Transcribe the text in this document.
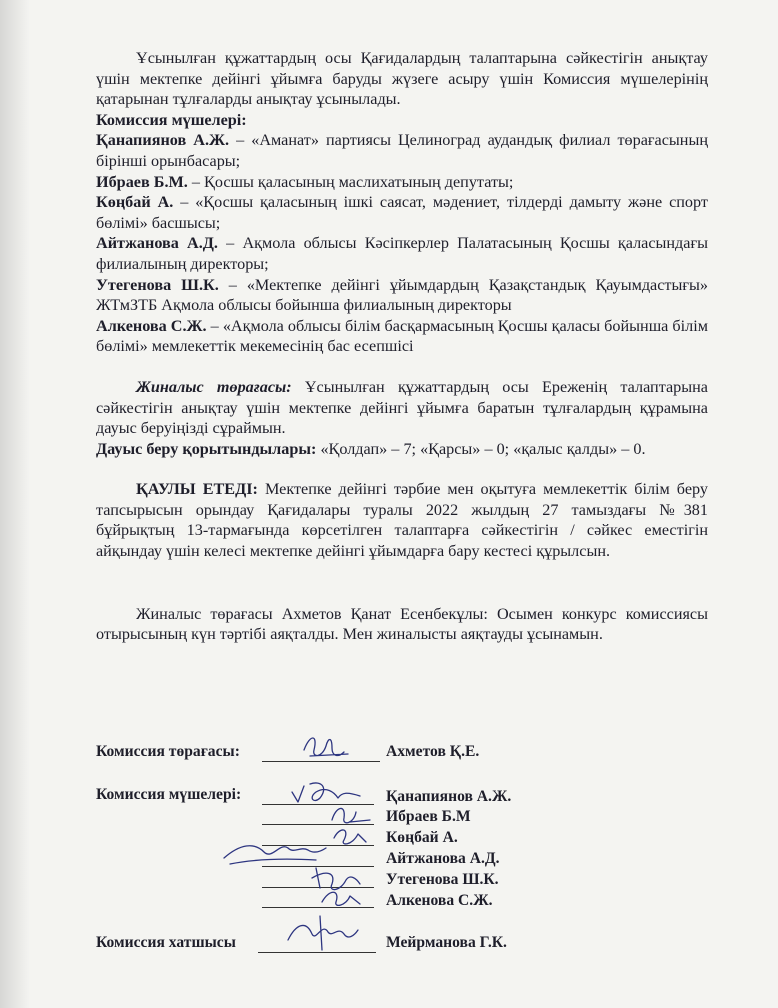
Ұсынылған құжаттардың осы Қағидалардың талаптарына сәйкестігін анықтау үшін мектепке дейінгі ұйымға баруды жүзеге асыру үшін Комиссия мүшелерінің қатарынан тұлғаларды анықтау ұсынылады.

Комиссия мүшелері:

Қанапиянов А.Ж. – «Аманат» партиясы Целиноград аудандық филиал төрағасының бірінші орынбасары;

Ибраев Б.М. – Қосшы қаласының маслихатының депутаты;

Көңбай А. – «Қосшы қаласының ішкі саясат, мәдениет, тілдерді дамыту және спорт бөлімі» басшысы;

Айтжанова А.Д. – Ақмола облысы Кәсіпкерлер Палатасының Қосшы қаласындағы филиалының директоры;

Утегенова Ш.К. – «Мектепке дейінгі ұйымдардың Қазақстандық Қауымдастығы» ЖТмЗТБ Ақмола облысы бойынша филиалының директоры

Алкенова С.Ж. – «Ақмола облысы білім басқармасының Қосшы қаласы бойынша білім бөлімі» мемлекеттік мекемесінің бас есепшісі

Жиналыс төрағасы: Ұсынылған құжаттардың осы Ереженің талаптарына сәйкестігін анықтау үшін мектепке дейінгі ұйымға баратын тұлғалардың құрамына дауыс беруіңізді сұраймын.

Дауыс беру қорытындылары: «Қолдап» – 7; «Қарсы» – 0; «қалыс қалды» – 0.

ҚАУЛЫ ЕТЕДІ: Мектепке дейінгі тәрбие мен оқытуға мемлекеттік білім беру тапсырысын орындау Қағидалары туралы 2022 жылдың 27 тамыздағы №381 бұйрықтың 13-тармағында көрсетілген талаптарға сәйкестігін / сәйкес еместігін айқындау үшін келесі мектепке дейінгі ұйымдарға бару кестесі құрылсын.

Жиналыс төрағасы Ахметов Қанат Есенбекұлы: Осымен конкурс комиссиясы отырысының күн тәртібі аяқталды. Мен жиналысты аяқтауды ұсынамын.

Комиссия төрағасы:	Ахметов Қ.Е.
Комиссия мүшелері:	Қанапиянов А.Ж.
Ибраев Б.М
Көңбай А.
Айтжанова А.Д.
Утегенова Ш.К.
Алкенова С.Ж.
Комиссия хатшысы	Мейрманова Г.К.
